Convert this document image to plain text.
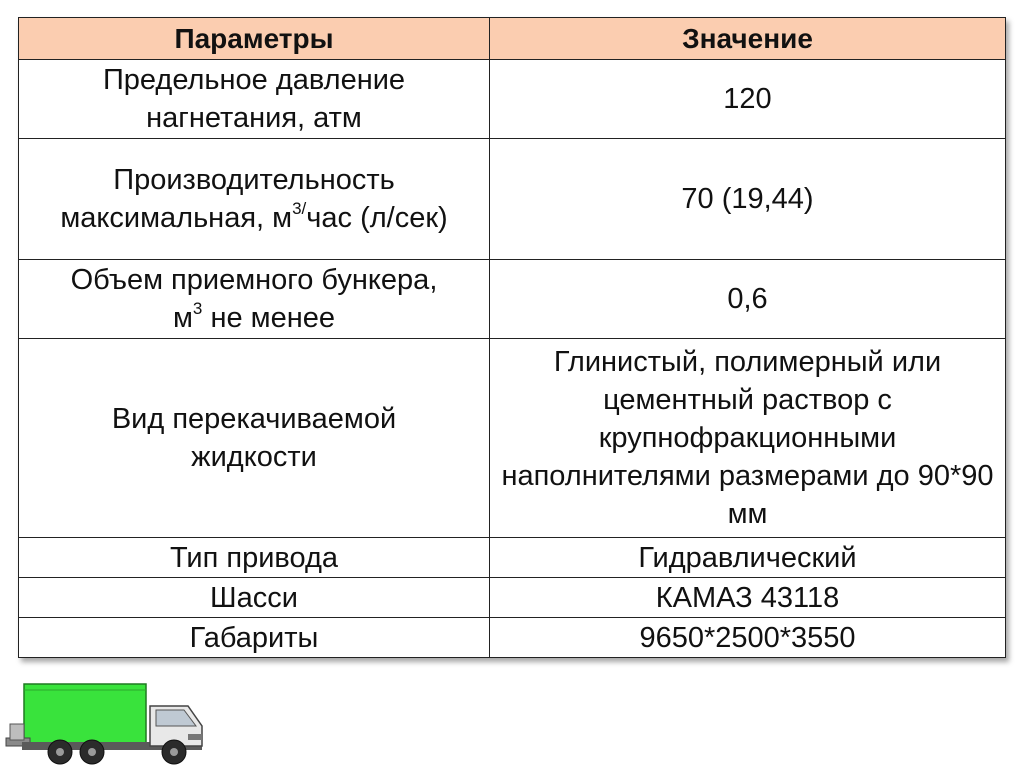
Параметры	Значение
Предельное давление
нагнетания, атм	120
Производительность
максимальная, $м^{3/}час$ (л/сек)	70 (19,44)
Объем приемного бункера,
$м^3$ не менее	0,6
Вид перекачиваемой
жидкости	Глинистый, полимерный или цементный раствор с крупнофракционными наполнителями размерами до 90*90 мм
Тип привода	Гидравлический
Шасси	КАМАЗ 43118
Габариты	9650*2500*3550
